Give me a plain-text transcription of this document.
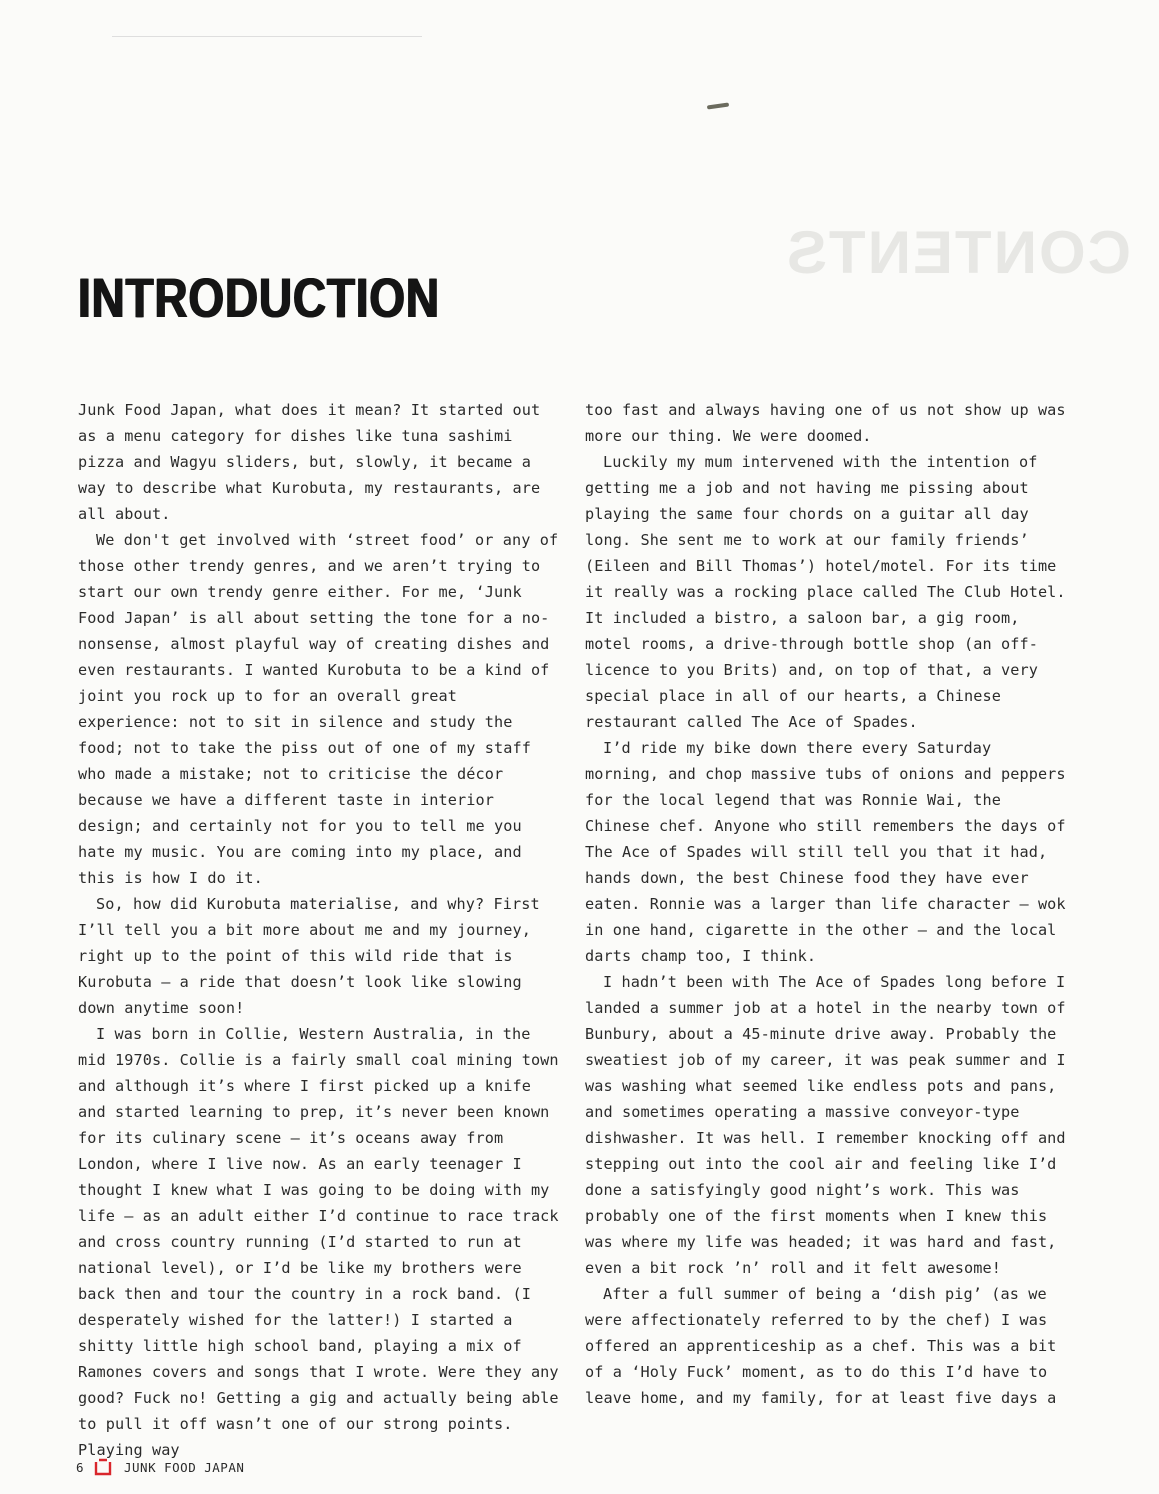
CONTENTS
INTRODUCTION

Junk Food Japan, what does it mean? It started out as a menu category for dishes like tuna sashimi pizza and Wagyu sliders, but, slowly, it became a way to describe what Kurobuta, my restaurants, are all about.

We don't get involved with ‘street food’ or any of those other trendy genres, and we aren’t trying to start our own trendy genre either. For me, ‘Junk Food Japan’ is all about setting the tone for a no-nonsense, almost playful way of creating dishes and even restaurants. I wanted Kurobuta to be a kind of joint you rock up to for an overall great experience: not to sit in silence and study the food; not to take the piss out of one of my staff who made a mistake; not to criticise the décor because we have a different taste in interior design; and certainly not for you to tell me you hate my music. You are coming into my place, and this is how I do it.

So, how did Kurobuta materialise, and why? First I’ll tell you a bit more about me and my journey, right up to the point of this wild ride that is Kurobuta – a ride that doesn’t look like slowing down anytime soon!

I was born in Collie, Western Australia, in the mid 1970s. Collie is a fairly small coal mining town and although it’s where I first picked up a knife and started learning to prep, it’s never been known for its culinary scene – it’s oceans away from London, where I live now. As an early teenager I thought I knew what I was going to be doing with my life – as an adult either I’d continue to race track and cross country running (I’d started to run at national level), or I’d be like my brothers were back then and tour the country in a rock band. (I desperately wished for the latter!) I started a shitty little high school band, playing a mix of Ramones covers and songs that I wrote. Were they any good? Fuck no! Getting a gig and actually being able to pull it off wasn’t one of our strong points. Playing way

too fast and always having one of us not show up was more our thing. We were doomed.

Luckily my mum intervened with the intention of getting me a job and not having me pissing about playing the same four chords on a guitar all day long. She sent me to work at our family friends’ (Eileen and Bill Thomas’) hotel/motel. For its time it really was a rocking place called The Club Hotel. It included a bistro, a saloon bar, a gig room, motel rooms, a drive-through bottle shop (an off-licence to you Brits) and, on top of that, a very special place in all of our hearts, a Chinese restaurant called The Ace of Spades.

I’d ride my bike down there every Saturday morning, and chop massive tubs of onions and peppers for the local legend that was Ronnie Wai, the Chinese chef. Anyone who still remembers the days of The Ace of Spades will still tell you that it had, hands down, the best Chinese food they have ever eaten. Ronnie was a larger than life character – wok in one hand, cigarette in the other – and the local darts champ too, I think.

I hadn’t been with The Ace of Spades long before I landed a summer job at a hotel in the nearby town of Bunbury, about a 45-minute drive away. Probably the sweatiest job of my career, it was peak summer and I was washing what seemed like endless pots and pans, and sometimes operating a massive conveyor-type dishwasher. It was hell. I remember knocking off and stepping out into the cool air and feeling like I’d done a satisfyingly good night’s work. This was probably one of the first moments when I knew this was where my life was headed; it was hard and fast, even a bit rock ’n’ roll and it felt awesome!

After a full summer of being a ‘dish pig’ (as we were affectionately referred to by the chef) I was offered an apprenticeship as a chef. This was a bit of a ‘Holy Fuck’ moment, as to do this I’d have to leave home, and my family, for at least five days a

6	JUNK FOOD JAPAN
